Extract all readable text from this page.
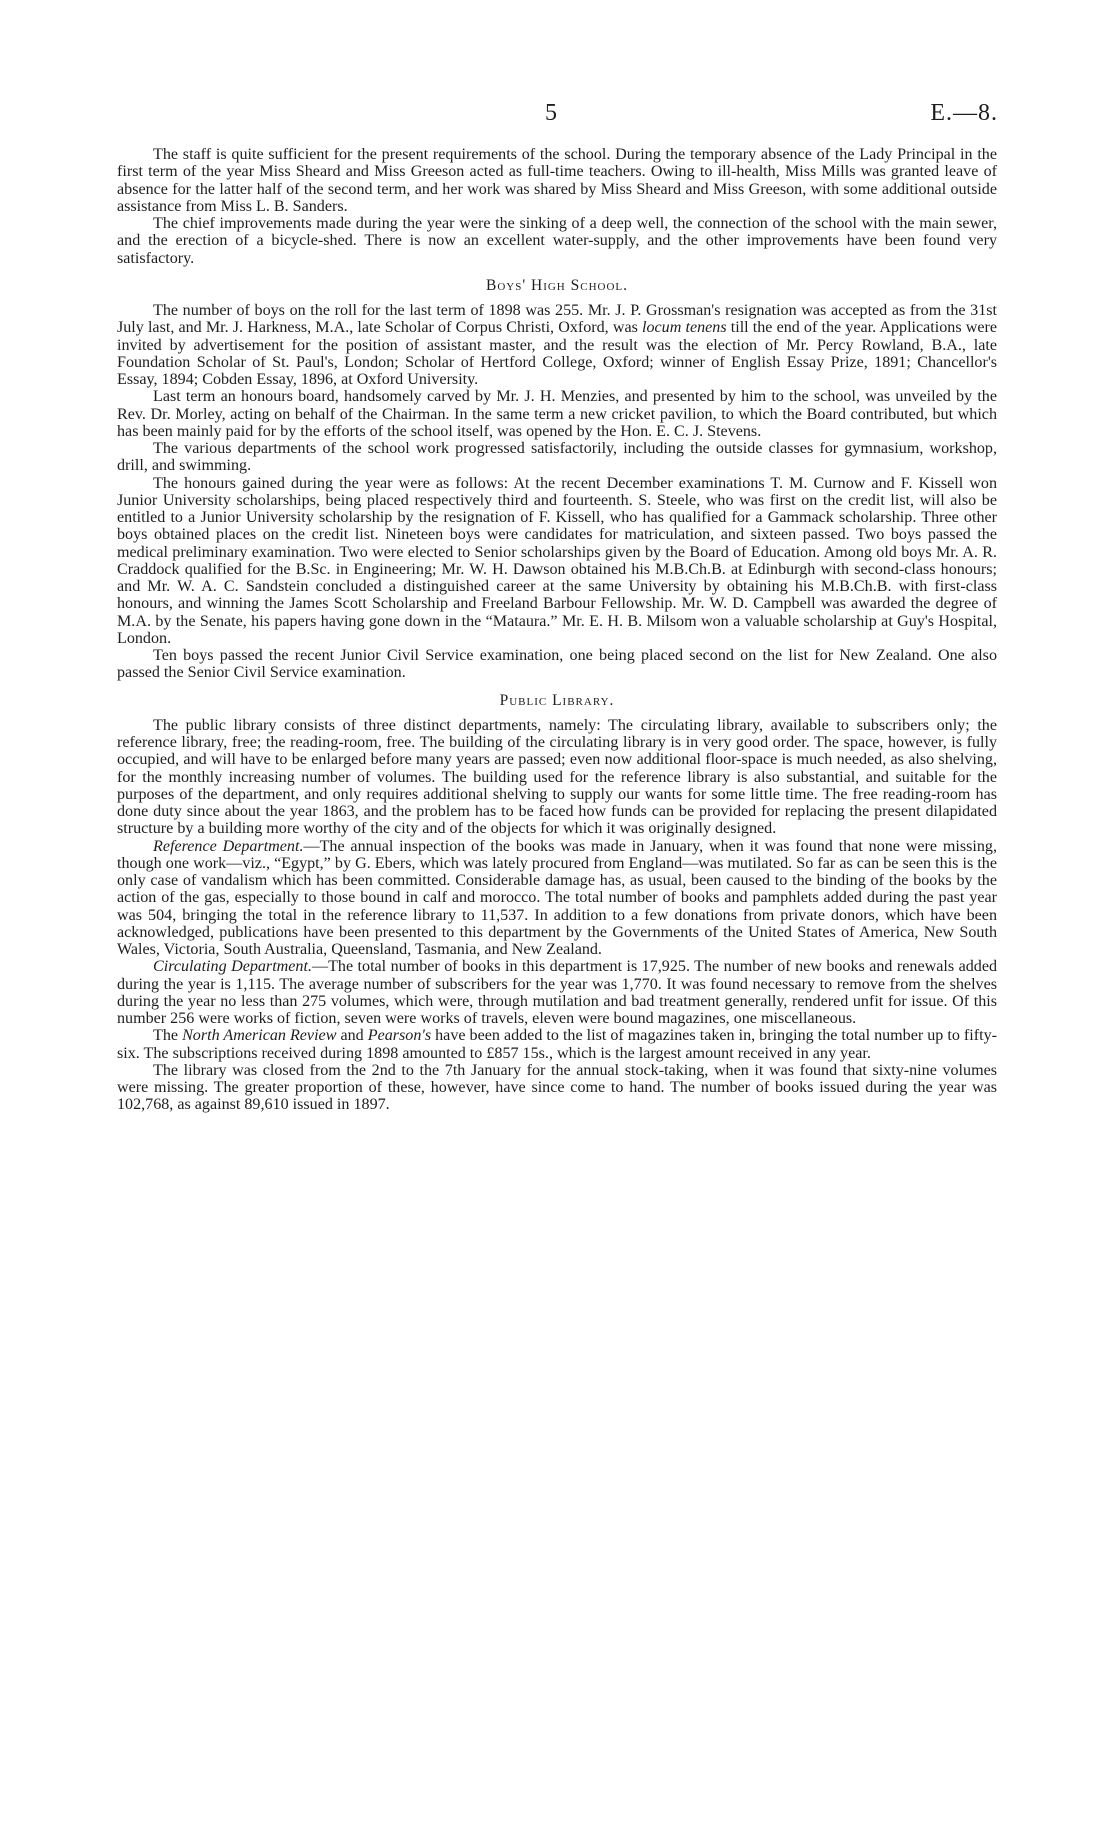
5	E.—8.

The staff is quite sufficient for the present requirements of the school. During the temporary absence of the Lady Principal in the first term of the year Miss Sheard and Miss Greeson acted as full-time teachers. Owing to ill-health, Miss Mills was granted leave of absence for the latter half of the second term, and her work was shared by Miss Sheard and Miss Greeson, with some additional outside assistance from Miss L. B. Sanders.

The chief improvements made during the year were the sinking of a deep well, the connection of the school with the main sewer, and the erection of a bicycle-shed. There is now an excellent water-supply, and the other improvements have been found very satisfactory.

Boys' High School.

The number of boys on the roll for the last term of 1898 was 255. Mr. J. P. Grossman's resignation was accepted as from the 31st July last, and Mr. J. Harkness, M.A., late Scholar of Corpus Christi, Oxford, was locum tenens till the end of the year. Applications were invited by advertisement for the position of assistant master, and the result was the election of Mr. Percy Rowland, B.A., late Foundation Scholar of St. Paul's, London; Scholar of Hertford College, Oxford; winner of English Essay Prize, 1891; Chancellor's Essay, 1894; Cobden Essay, 1896, at Oxford University.

Last term an honours board, handsomely carved by Mr. J. H. Menzies, and presented by him to the school, was unveiled by the Rev. Dr. Morley, acting on behalf of the Chairman. In the same term a new cricket pavilion, to which the Board contributed, but which has been mainly paid for by the efforts of the school itself, was opened by the Hon. E. C. J. Stevens.

The various departments of the school work progressed satisfactorily, including the outside classes for gymnasium, workshop, drill, and swimming.

The honours gained during the year were as follows: At the recent December examinations T. M. Curnow and F. Kissell won Junior University scholarships, being placed respectively third and fourteenth. S. Steele, who was first on the credit list, will also be entitled to a Junior University scholarship by the resignation of F. Kissell, who has qualified for a Gammack scholarship. Three other boys obtained places on the credit list. Nineteen boys were candidates for matriculation, and sixteen passed. Two boys passed the medical preliminary examination. Two were elected to Senior scholarships given by the Board of Education. Among old boys Mr. A. R. Craddock qualified for the B.Sc. in Engineering; Mr. W. H. Dawson obtained his M.B.Ch.B. at Edinburgh with second-class honours; and Mr. W. A. C. Sandstein concluded a distinguished career at the same University by obtaining his M.B.Ch.B. with first-class honours, and winning the James Scott Scholarship and Freeland Barbour Fellowship. Mr. W. D. Campbell was awarded the degree of M.A. by the Senate, his papers having gone down in the “Mataura.” Mr. E. H. B. Milsom won a valuable scholarship at Guy's Hospital, London.

Ten boys passed the recent Junior Civil Service examination, one being placed second on the list for New Zealand. One also passed the Senior Civil Service examination.

Public Library.

The public library consists of three distinct departments, namely: The circulating library, available to subscribers only; the reference library, free; the reading-room, free. The building of the circulating library is in very good order. The space, however, is fully occupied, and will have to be enlarged before many years are passed; even now additional floor-space is much needed, as also shelving, for the monthly increasing number of volumes. The building used for the reference library is also substantial, and suitable for the purposes of the department, and only requires additional shelving to supply our wants for some little time. The free reading-room has done duty since about the year 1863, and the problem has to be faced how funds can be provided for replacing the present dilapidated structure by a building more worthy of the city and of the objects for which it was originally designed.

Reference Department.—The annual inspection of the books was made in January, when it was found that none were missing, though one work—viz., “Egypt,” by G. Ebers, which was lately procured from England—was mutilated. So far as can be seen this is the only case of vandalism which has been committed. Considerable damage has, as usual, been caused to the binding of the books by the action of the gas, especially to those bound in calf and morocco. The total number of books and pamphlets added during the past year was 504, bringing the total in the reference library to 11,537. In addition to a few donations from private donors, which have been acknowledged, publications have been presented to this department by the Governments of the United States of America, New South Wales, Victoria, South Australia, Queensland, Tasmania, and New Zealand.

Circulating Department.—The total number of books in this department is 17,925. The number of new books and renewals added during the year is 1,115. The average number of subscribers for the year was 1,770. It was found necessary to remove from the shelves during the year no less than 275 volumes, which were, through mutilation and bad treatment generally, rendered unfit for issue. Of this number 256 were works of fiction, seven were works of travels, eleven were bound magazines, one miscellaneous.

The North American Review and Pearson's have been added to the list of magazines taken in, bringing the total number up to fifty-six. The subscriptions received during 1898 amounted to £857 15s., which is the largest amount received in any year.

The library was closed from the 2nd to the 7th January for the annual stock-taking, when it was found that sixty-nine volumes were missing. The greater proportion of these, however, have since come to hand. The number of books issued during the year was 102,768, as against 89,610 issued in 1897.
